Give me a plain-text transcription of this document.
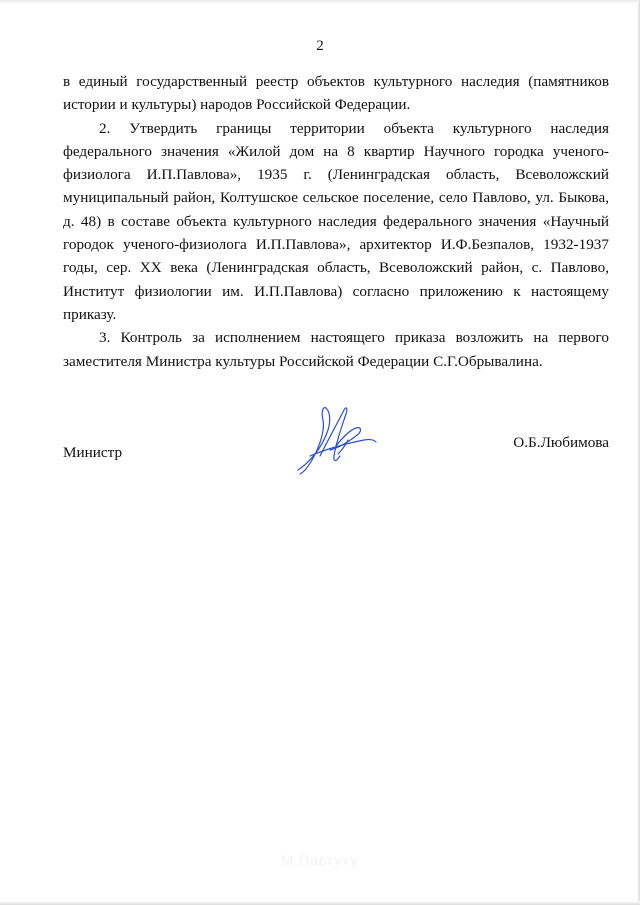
2

в единый государственный реестр объектов культурного наследия (памятников истории и культуры) народов Российской Федерации.

2. Утвердить границы территории объекта культурного наследия федерального значения «Жилой дом на 8 квартир Научного городка ученого-физиолога И.П.Павлова», 1935 г. (Ленинградская область, Всеволожский муниципальный район, Колтушское сельское поселение, село Павлово, ул. Быкова, д. 48) в составе объекта культурного наследия федерального значения «Научный городок ученого-физиолога И.П.Павлова», архитектор И.Ф.Безпалов, 1932-1937 годы, сер. XX века (Ленинградская область, Всеволожский район, с. Павлово, Институт физиологии им. И.П.Павлова) согласно приложению к настоящему приказу.

3. Контроль за исполнением настоящего приказа возложить на первого заместителя Министра культуры Российской Федерации С.Г.Обрывалина.

Министр
О.Б.Любимова
М.Пастуху
